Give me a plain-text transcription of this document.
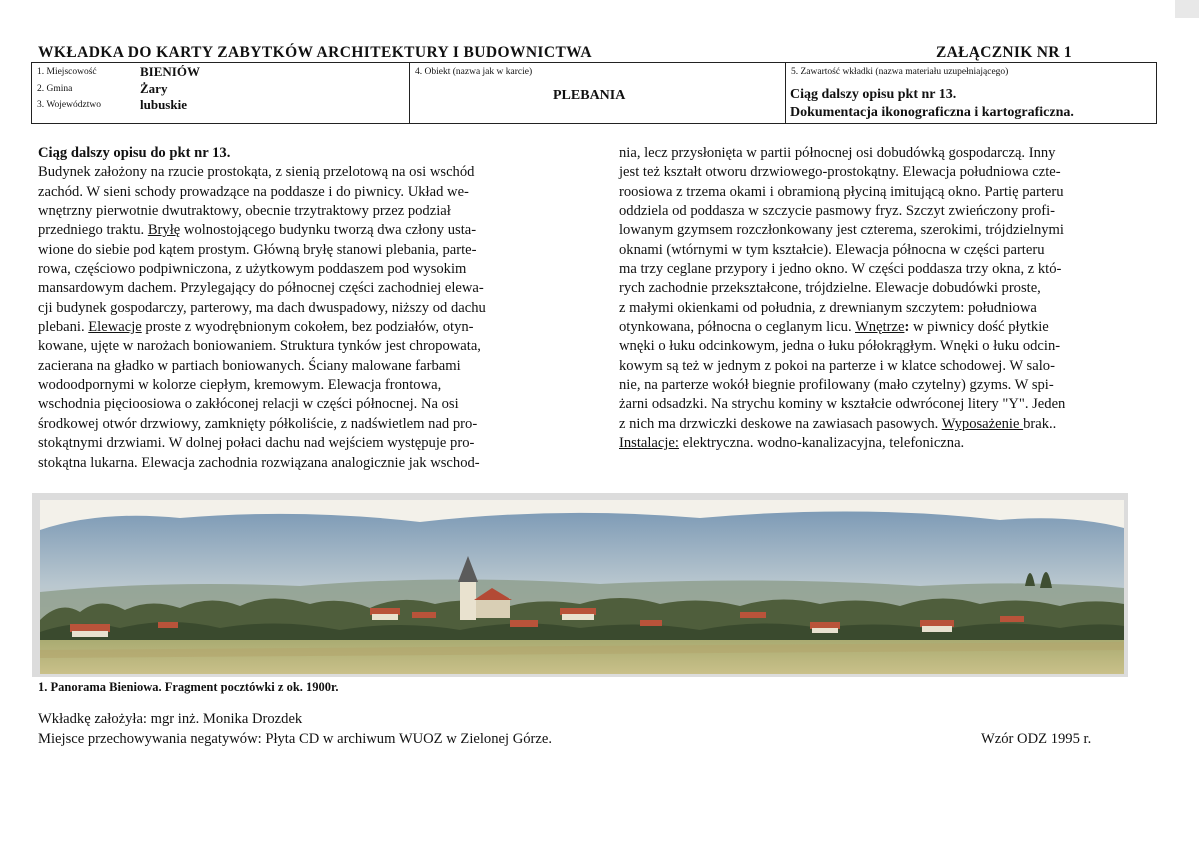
WKŁADKA DO KARTY ZABYTKÓW ARCHITEKTURY I BUDOWNICTWA	ZAŁĄCZNIK NR 1
1. Miejscowość	BIENIÓW
2. Gmina	Żary
3. Województwo	lubuskie
4. Obiekt (nazwa jak w karcie)
PLEBANIA
5. Zawartość wkładki (nazwa materiału uzupełniającego)
Ciąg dalszy opisu pkt nr 13.
Dokumentacja ikonograficzna i kartograficzna.
Ciąg dalszy opisu do pkt nr 13.
Budynek założony na rzucie prostokąta, z sienią przelotową na osi wschód
zachód. W sieni schody prowadzące na poddasze i do piwnicy. Układ we-
wnętrzny pierwotnie dwutraktowy, obecnie trzytraktowy przez podział
przedniego traktu. Bryłę wolnostojącego budynku tworzą dwa człony usta-
wione do siebie pod kątem prostym. Główną bryłę stanowi plebania, parte-
rowa, częściowo podpiwniczona, z użytkowym poddaszem pod wysokim
mansardowym dachem. Przylegający do północnej części zachodniej elewa-
cji budynek gospodarczy, parterowy, ma dach dwuspadowy, niższy od dachu
plebani. Elewacje proste z wyodrębnionym cokołem, bez podziałów, otyn-
kowane, ujęte w narożach boniowaniem. Struktura tynków jest chropowata,
zacierana na gładko w partiach boniowanych. Ściany malowane farbami
wodoodpornymi w kolorze ciepłym, kremowym. Elewacja frontowa,
wschodnia pięcioosiowa o zakłóconej relacji w części północnej. Na osi
środkowej otwór drzwiowy, zamknięty półkoliście, z nadświetlem nad pro-
stokątnymi drzwiami. W dolnej połaci dachu nad wejściem występuje pro-
stokątna lukarna. Elewacja zachodnia rozwiązana analogicznie jak wschod-
nia, lecz przysłonięta w partii północnej osi dobudówką gospodarczą. Inny
jest też kształt otworu drzwiowego-prostokątny. Elewacja południowa czte-
roosiowa z trzema okami i obramioną płyciną imitującą okno. Partię parteru
oddziela od poddasza w szczycie pasmowy fryz. Szczyt zwieńczony profi-
lowanym gzymsem rozczłonkowany jest czterema, szerokimi, trójdzielnymi
oknami (wtórnymi w tym kształcie). Elewacja północna w części parteru
ma trzy ceglane przypory i jedno okno. W części poddasza trzy okna, z któ-
rych zachodnie przekształcone, trójdzielne. Elewacje dobudówki proste,
z małymi okienkami od południa, z drewnianym szczytem: południowa
otynkowana, północna o ceglanym licu. Wnętrze: w piwnicy dość płytkie
wnęki o łuku odcinkowym, jedna o łuku półokrągłym. Wnęki o łuku odcin-
kowym są też w jednym z pokoi na parterze i w klatce schodowej. W salo-
nie, na parterze wokół biegnie profilowany (mało czytelny) gzyms. W spi-
żarni odsadzki. Na strychu kominy w kształcie odwróconej litery "Y". Jeden
z nich ma drzwiczki deskowe na zawiasach pasowych. Wyposażenie brak..
Instalacje: elektryczna. wodno-kanalizacyjna, telefoniczna.
1. Panorama Bieniowa. Fragment pocztówki z ok. 1900r.
Wkładkę założyła: mgr inż. Monika Drozdek
Miejsce przechowywania negatywów: Płyta CD w archiwum WUOZ w Zielonej Górze.	Wzór ODZ 1995 r.
